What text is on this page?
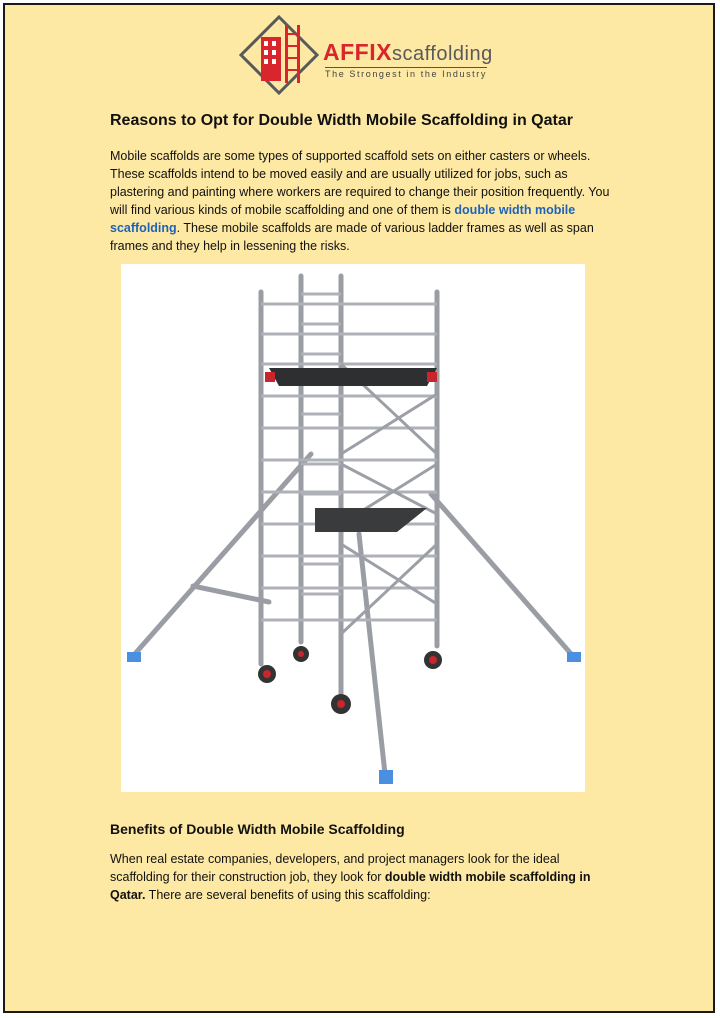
AFFIXscaffolding
The Strongest in the Industry
Reasons to Opt for Double Width Mobile Scaffolding in Qatar

Mobile scaffolds are some types of supported scaffold sets on either casters or wheels. These scaffolds intend to be moved easily and are usually utilized for jobs, such as plastering and painting where workers are required to change their position frequently. You will find various kinds of mobile scaffolding and one of them is double width mobile scaffolding. These mobile scaffolds are made of various ladder frames as well as span frames and they help in lessening the risks.

Benefits of Double Width Mobile Scaffolding

When real estate companies, developers, and project managers look for the ideal scaffolding for their construction job, they look for double width mobile scaffolding in Qatar. There are several benefits of using this scaffolding:
